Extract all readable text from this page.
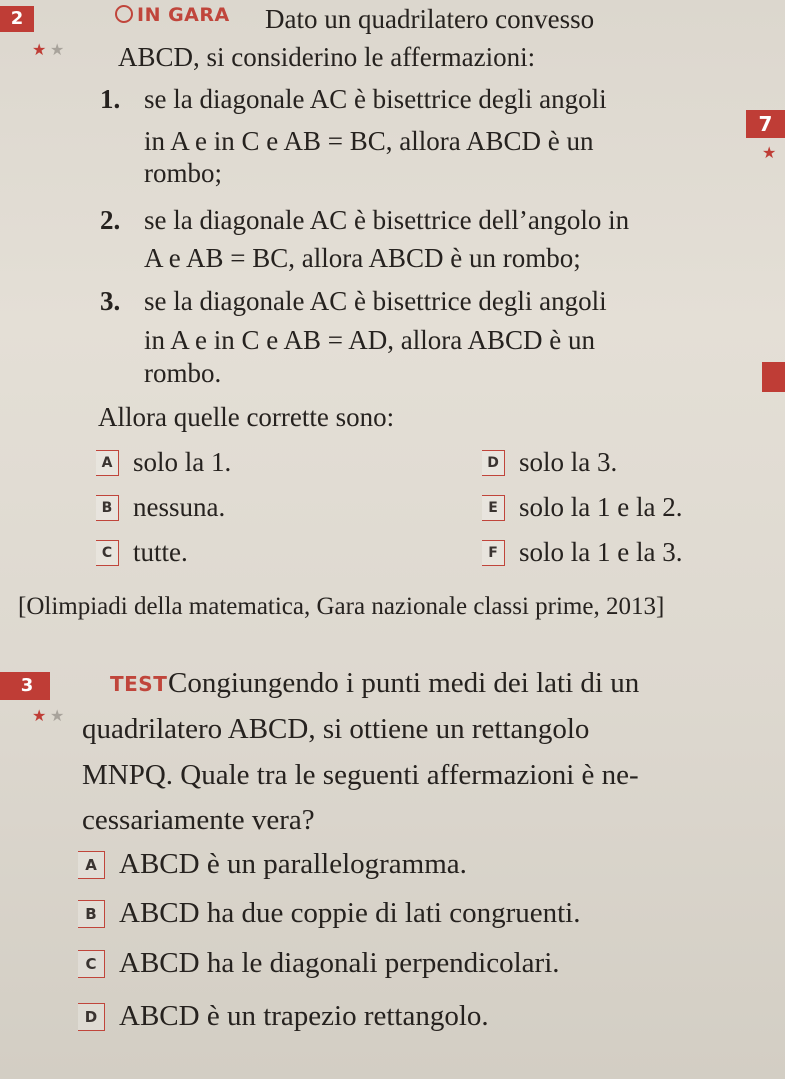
2
★ ★
IN GARA Dato un quadrilatero convesso
ABCD, si considerino le affermazioni:
1. se la diagonale AC è bisettrice degli angoli
in A e in C e AB = BC, allora ABCD è un
rombo;
2. se la diagonale AC è bisettrice dell’angolo in
A e AB = BC, allora ABCD è un rombo;
3. se la diagonale AC è bisettrice degli angoli
in A e in C e AB = AD, allora ABCD è un
rombo.
Allora quelle corrette sono:
A solo la 1.
B nessuna.
C tutte.
D solo la 3.
E solo la 1 e la 2.
F solo la 1 e la 3.
[Olimpiadi della matematica, Gara nazionale classi prime, 2013]
3
★ ★
TEST Congiungendo i punti medi dei lati di un
quadrilatero ABCD, si ottiene un rettangolo
MNPQ. Quale tra le seguenti affermazioni è ne-
cessariamente vera?
A ABCD è un parallelogramma.
B ABCD ha due coppie di lati congruenti.
C ABCD ha le diagonali perpendicolari.
D ABCD è un trapezio rettangolo.
7
★
